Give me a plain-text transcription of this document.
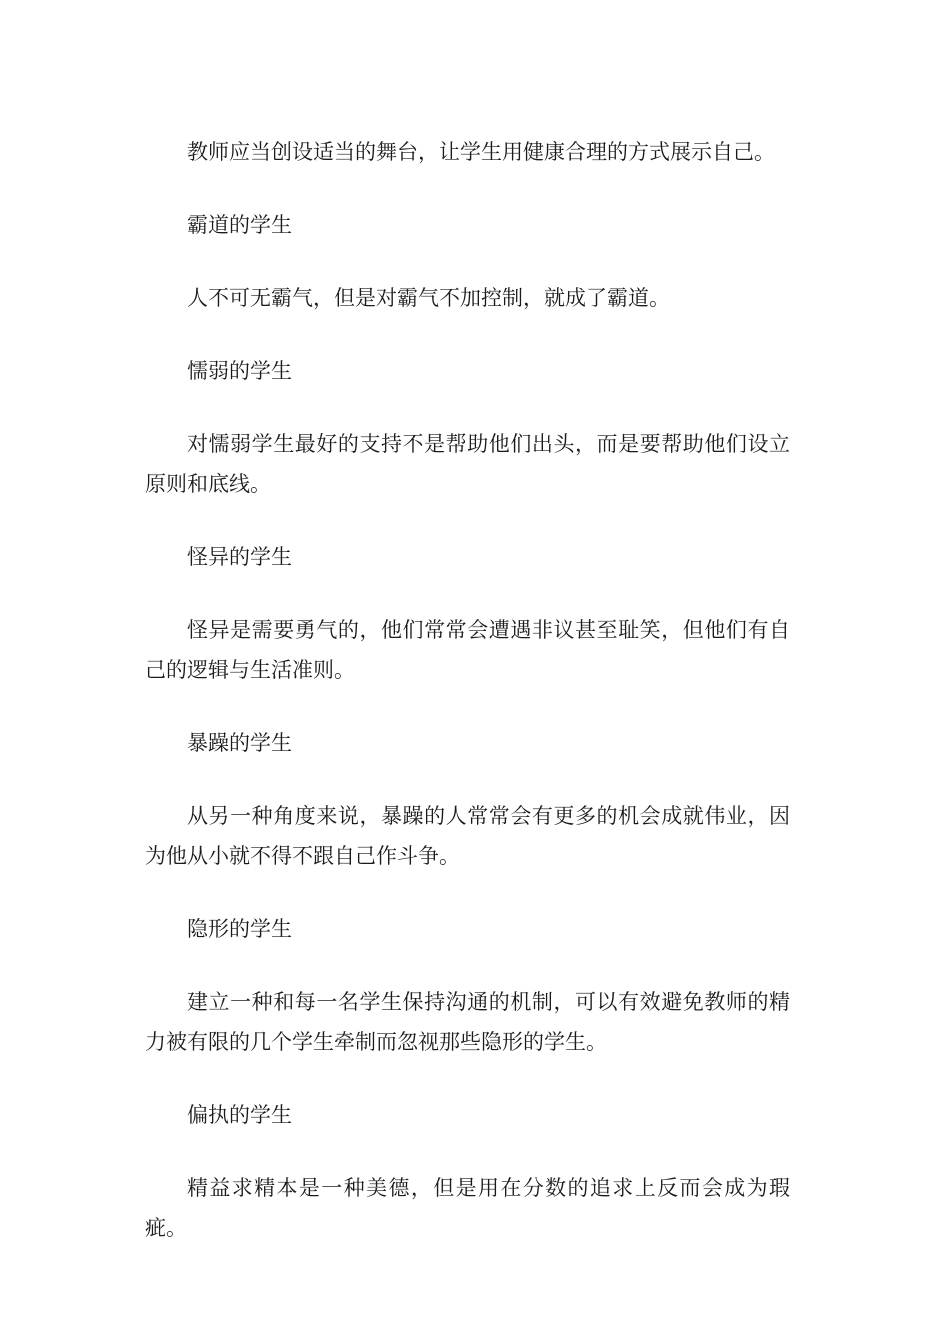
教师应当创设适当的舞台，让学生用健康合理的方式展示自己。

霸道的学生

人不可无霸气，但是对霸气不加控制，就成了霸道。

懦弱的学生

对懦弱学生最好的支持不是帮助他们出头，而是要帮助他们设立原则和底线。

怪异的学生

怪异是需要勇气的，他们常常会遭遇非议甚至耻笑，但他们有自己的逻辑与生活准则。

暴躁的学生

从另一种角度来说，暴躁的人常常会有更多的机会成就伟业，因为他从小就不得不跟自己作斗争。

隐形的学生

建立一种和每一名学生保持沟通的机制，可以有效避免教师的精力被有限的几个学生牵制而忽视那些隐形的学生。

偏执的学生

精益求精本是一种美德，但是用在分数的追求上反而会成为瑕疵。
